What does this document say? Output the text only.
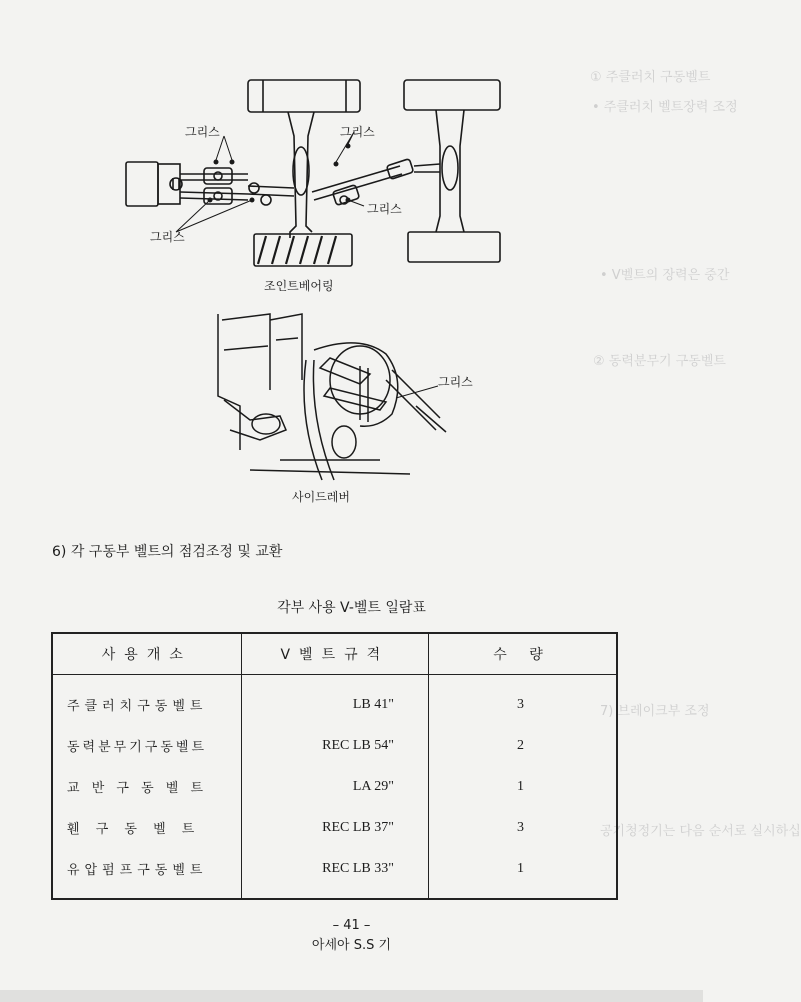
① 주클러치 구동벨트
• 주클러치 벨트장력 조정
• V벨트의 장력은 중간
② 동력분무기 구동벨트
7) 브레이크부 조정
공기청정기는 다음 순서로 실시하십
그리스	그리스
그리스
그리스
조인트베어링
그리스
사이드레버
6) 각 구동부 벨트의 점검조정 및 교환
각부 사용 V-벨트 일람표
사용개소	V벨트규격	수 량
주클러치구동벨트	LB 41"	3
동력분무기구동벨트	REC LB 54"	2
교 반 구 동 벨 트	LA 29"	1
휀 구 동 벨 트	REC LB 37"	3
유압펌프구동벨트	REC LB 33"	1
– 41 –
아세아 S.S 기
